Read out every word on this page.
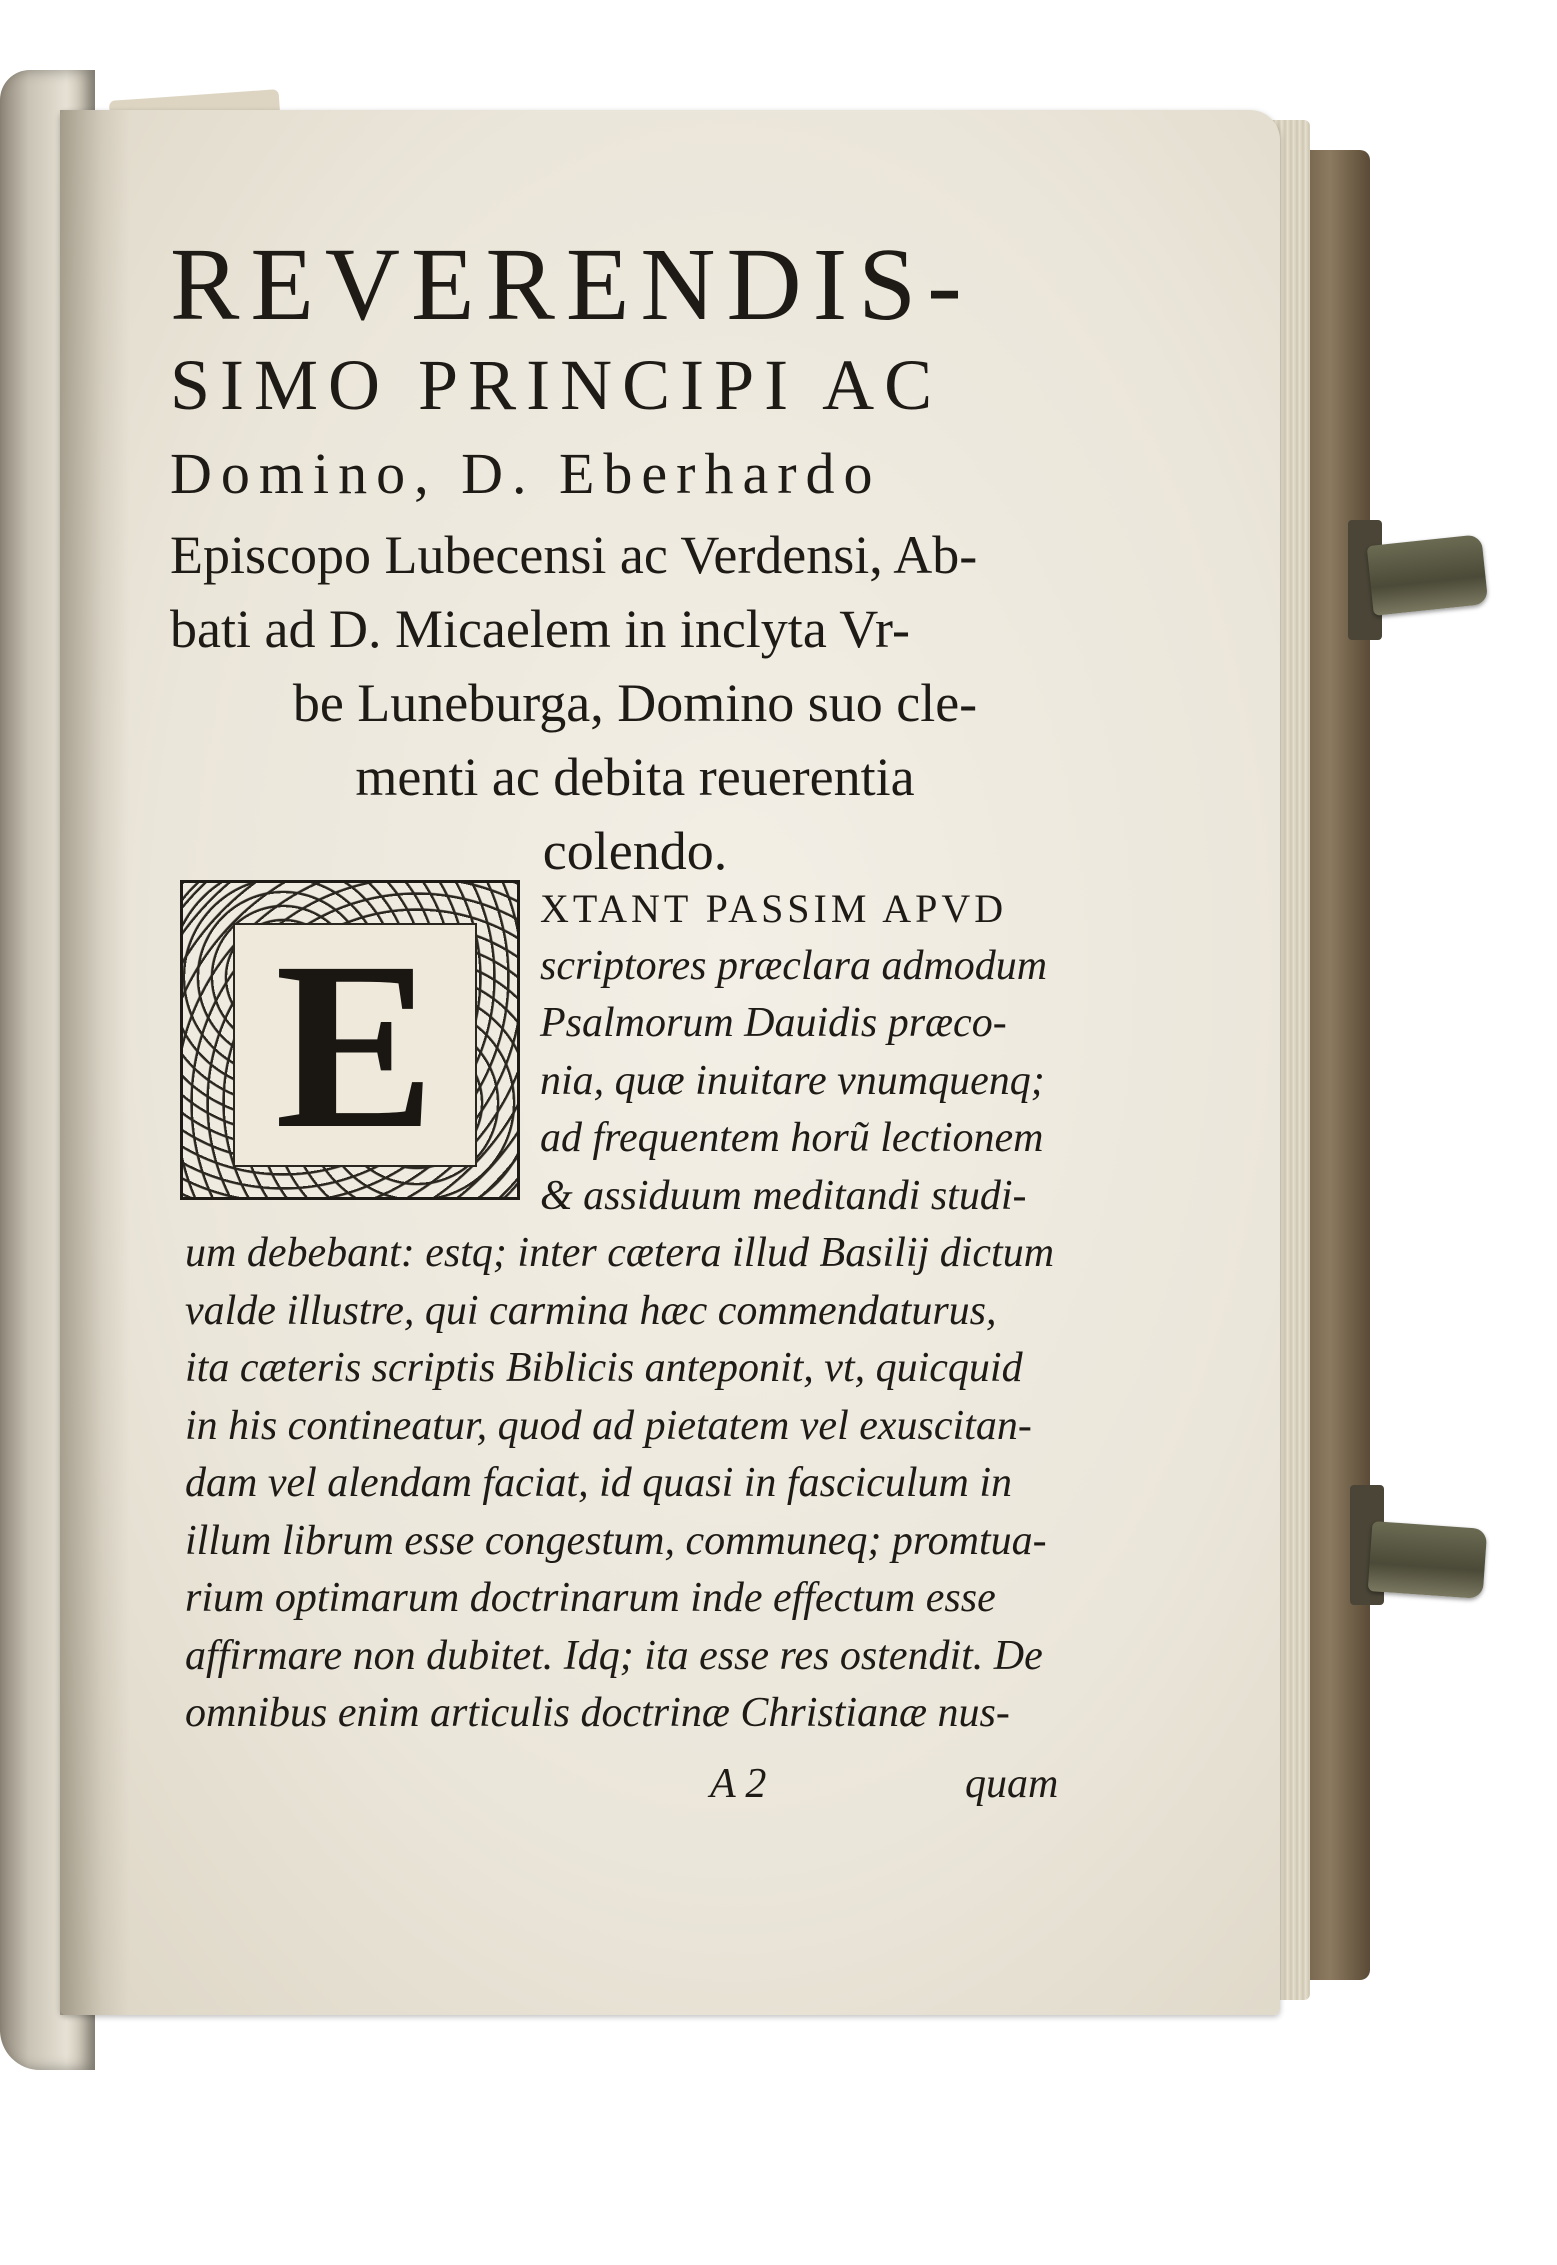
REVERENDIS-
SIMO PRINCIPI AC
Domino, D. Eberhardo
Episcopo Lubecensi ac Verdensi, Ab-
bati ad D. Micaelem in inclyta Vr-
be Luneburga, Domino suo cle-
menti ac debita reuerentia
colendo.
E
XTANT PASSIM APVD
scriptores præclara admodum
Psalmorum Dauidis præco-
nia, quæ inuitare vnumquenq;
ad frequentem horũ lectionem
& assiduum meditandi studi-
um debebant: estq; inter cætera illud Basilij dictum
valde illustre, qui carmina hæc commendaturus,
ita cæteris scriptis Biblicis anteponit, vt, quicquid
in his contineatur, quod ad pietatem vel exuscitan-
dam vel alendam faciat, id quasi in fasciculum in
illum librum esse congestum, communeq; promtua-
rium optimarum doctrinarum inde effectum esse
affirmare non dubitet. Idq; ita esse res ostendit. De
omnibus enim articulis doctrinæ Christianæ nus-
A 2	quam
